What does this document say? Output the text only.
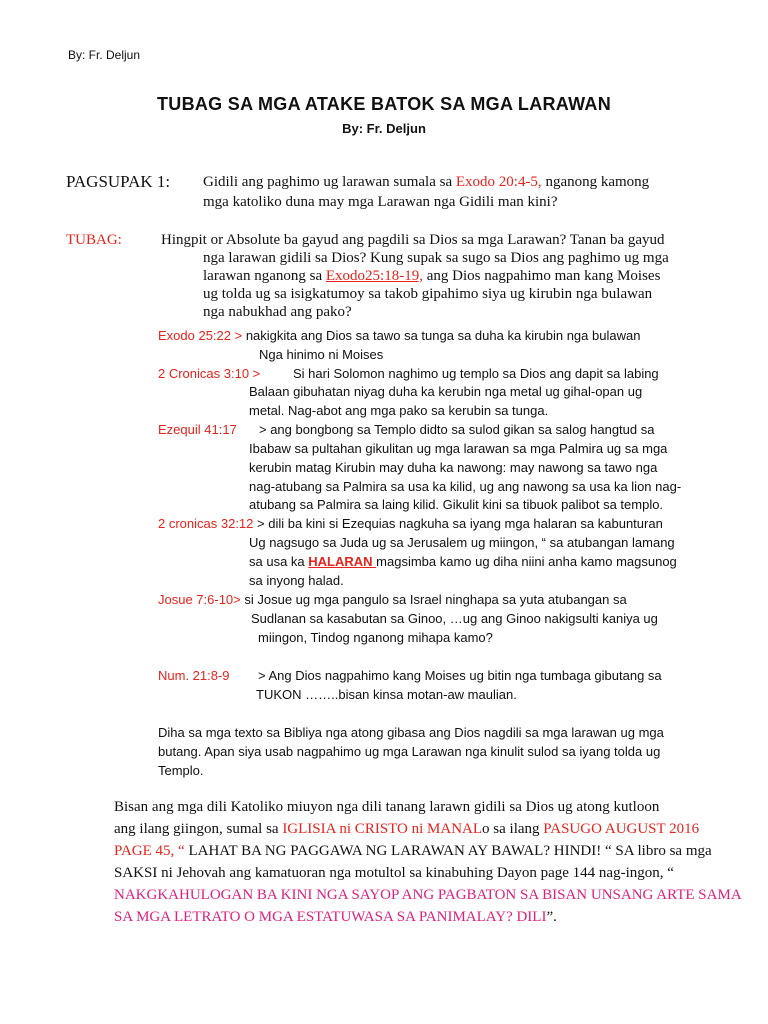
By: Fr. Deljun
TUBAG SA MGA ATAKE BATOK SA MGA LARAWAN
By: Fr. Deljun
PAGSUPAK 1: Gidili ang paghimo ug larawan sumala sa Exodo 20:4-5, nganong kamong
mga katoliko duna may mga Larawan nga Gidili man kini?
TUBAG:	Hingpit or Absolute ba gayud ang pagdili sa Dios sa mga Larawan? Tanan ba gayud
nga larawan gidili sa Dios? Kung supak sa sugo sa Dios ang paghimo ug mga
larawan nganong sa Exodo25:18-19, ang Dios nagpahimo man kang Moises
ug tolda ug sa isigkatumoy sa takob gipahimo siya ug kirubin nga bulawan
nga nabukhad ang pako?
Exodo 25:22 > nakigkita ang Dios sa tawo sa tunga sa duha ka kirubin nga bulawan
Nga hinimo ni Moises
2 Cronicas 3:10 >	Si hari Solomon naghimo ug templo sa Dios ang dapit sa labing
Balaan gibuhatan niyag duha ka kerubin nga metal ug gihal-opan ug
metal. Nag-abot ang mga pako sa kerubin sa tunga.
Ezequil 41:17 > ang bongbong sa Templo didto sa sulod gikan sa salog hangtud sa
Ibabaw sa pultahan gikulitan ug mga larawan sa mga Palmira ug sa mga
kerubin matag Kirubin may duha ka nawong: may nawong sa tawo nga
nag-atubang sa Palmira sa usa ka kilid, ug ang nawong sa usa ka lion nag-
atubang sa Palmira sa laing kilid. Gikulit kini sa tibuok palibot sa templo.
2 cronicas 32:12 > dili ba kini si Ezequias nagkuha sa iyang mga halaran sa kabunturan
Ug nagsugo sa Juda ug sa Jerusalem ug miingon, “ sa atubangan lamang
sa usa ka HALARAN magsimba kamo ug diha niini anha kamo magsunog
sa inyong halad.
Josue 7:6-10> si Josue ug mga pangulo sa Israel ninghapa sa yuta atubangan sa
Sudlanan sa kasabutan sa Ginoo, …ug ang Ginoo nakigsulti kaniya ug
miingon, Tindog nganong mihapa kamo?
Num. 21:8-9 > Ang Dios nagpahimo kang Moises ug bitin nga tumbaga gibutang sa
TUKON ……..bisan kinsa motan-aw maulian.
Diha sa mga texto sa Bibliya nga atong gibasa ang Dios nagdili sa mga larawan ug mga
butang. Apan siya usab nagpahimo ug mga Larawan nga kinulit sulod sa iyang tolda ug
Templo.
Bisan ang mga dili Katoliko miuyon nga dili tanang larawn gidili sa Dios ug atong kutloon
ang ilang giingon, sumal sa IGLISIA ni CRISTO ni MANALo sa ilang PASUGO AUGUST 2016
PAGE 45, “ LAHAT BA NG PAGGAWA NG LARAWAN AY BAWAL? HINDI! “ SA libro sa mga
SAKSI ni Jehovah ang kamatuoran nga motultol sa kinabuhing Dayon page 144 nag-ingon, “
NAKGKAHULOGAN BA KINI NGA SAYOP ANG PAGBATON SA BISAN UNSANG ARTE SAMA
SA MGA LETRATO O MGA ESTATUWASA SA PANIMALAY? DILI”.
